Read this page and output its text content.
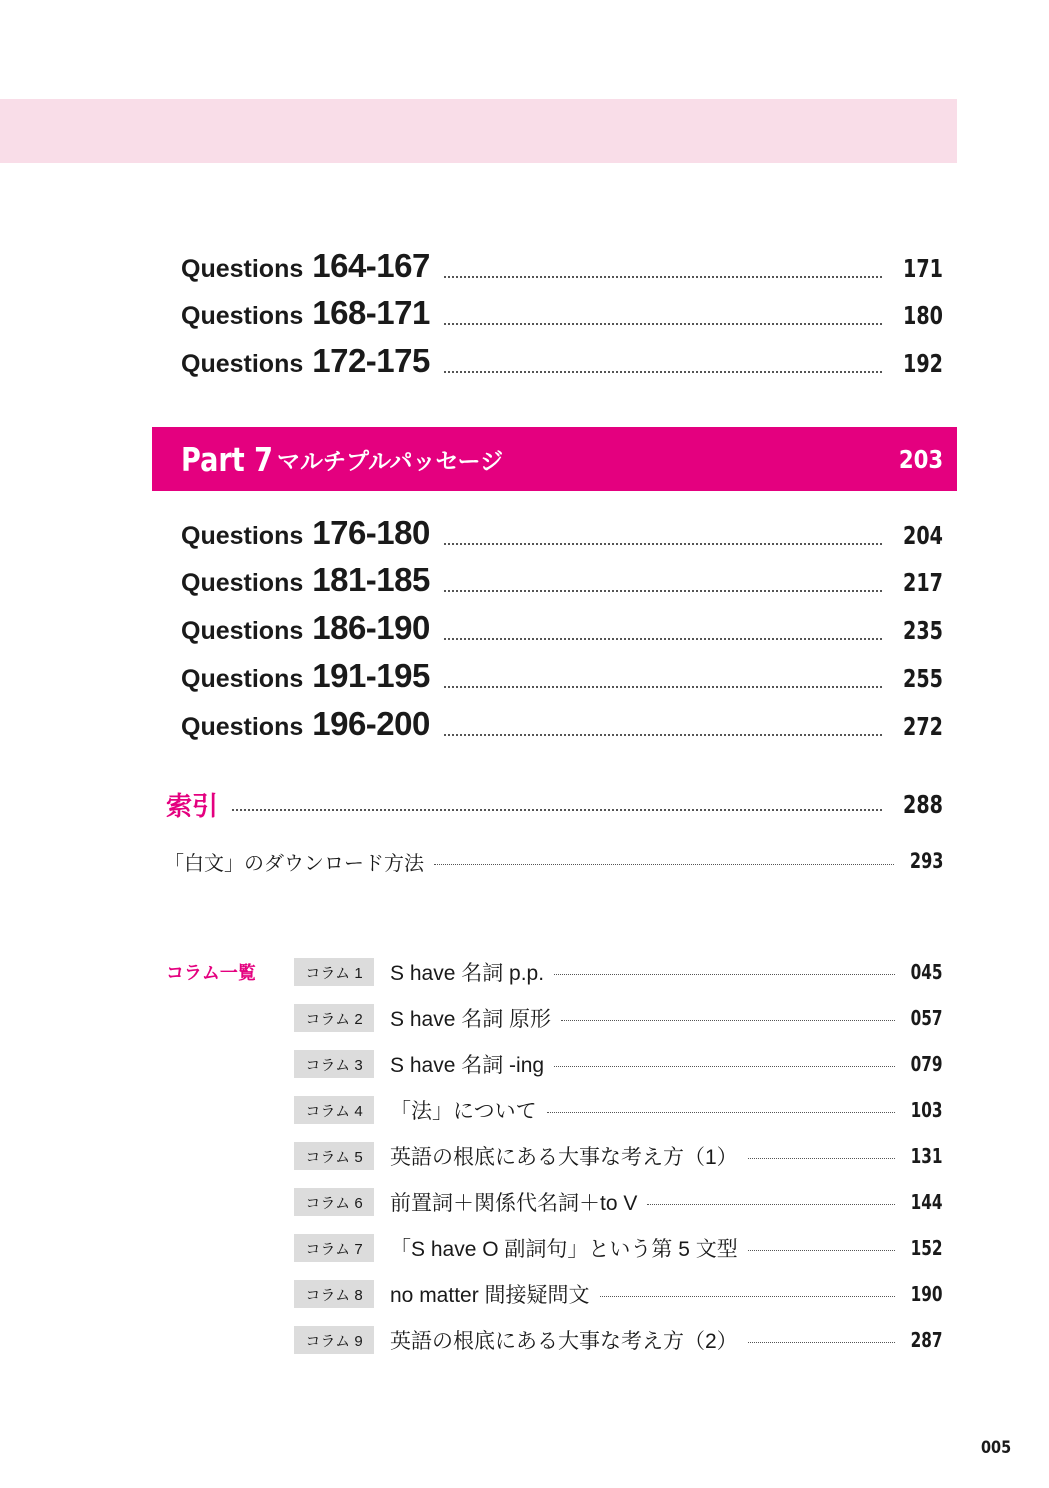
Questions 164-167	171
Questions 168-171	180
Questions 172-175	192
Part 7 マルチプルパッセージ	203
Questions 176-180	204
Questions 181-185	217
Questions 186-190	235
Questions 191-195	255
Questions 196-200	272
索引	288
「白文」のダウンロード方法	293
コラム一覧	コラム 1	S have 名詞 p.p.	045
コラム 2	S have 名詞 原形	057
コラム 3	S have 名詞 -ing	079
コラム 4	「法」について	103
コラム 5	英語の根底にある大事な考え方（1）	131
コラム 6	前置詞＋関係代名詞＋to V	144
コラム 7	「S have O 副詞句」という第 5 文型	152
コラム 8	no matter 間接疑問文	190
コラム 9	英語の根底にある大事な考え方（2）	287
005
